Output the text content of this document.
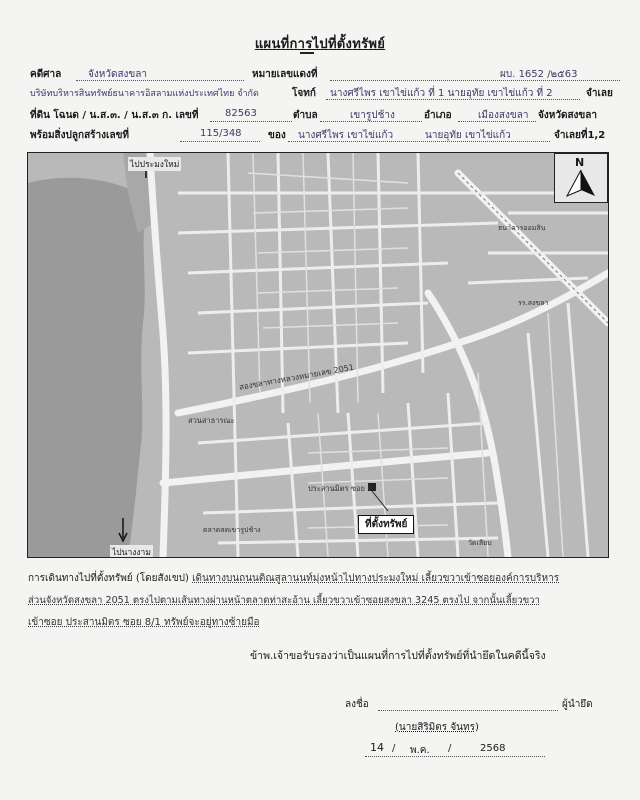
แผนที่การไปที่ตั้งทรัพย์
คดีศาล	จังหวัดสงขลา	หมายเลขแดงที่	ผบ. 1652 /๒๕63
บริษัทบริหารสินทรัพย์ธนาคารอิสลามแห่งประเทศไทย จำกัด	โจทก์ นางศรีไพร เขาไข่แก้ว ที่ 1 นายอุทัย เขาไข่แก้ว ที่ 2	จำเลย
ที่ดิน โฉนด / น.ส.๓. / น.ส.๓ ก. เลขที่	82563	ตำบล	เขารูปช้าง	อำเภอ	เมืองสงขลา จังหวัดสงขลา
พร้อมสิ่งปลูกสร้างเลขที่	115/348	ของ นางศรีไพร เขาไข่แก้ว	นายอุทัย เขาไข่แก้ว	จำเลยที่1,2
N
ไปประมงใหม่
ไปนางงาม
สองขลาทางหลวงหมายเลข 2051
สวนสาธารณะ
ประสานมิตร ซอย 8
ที่ตั้งทรัพย์
ธนาคารออมสิน
รร.สงขลา
วัดเลียบ
ตลาดสดเขารูปช้าง
การเดินทางไปที่ตั้งทรัพย์ (โดยสังเขป) เดินทางบนถนนติณสูลานนท์มุ่งหน้าไปทางประมงใหม่ เลี้ยวขวาเข้าซอยองค์การบริหาร
ส่วนจังหวัดสงขลา 2051 ตรงไปตามเส้นทางผ่านหน้าตลาดท่าสะอ้าน เลี้ยวขวาเข้าซอยสงขลา 3245 ตรงไป จากนั้นเลี้ยวขวา
เข้าซอย ประสานมิตร ซอย 8/1 ทรัพย์จะอยู่ทางซ้ายมือ
ข้าพ.เจ้าขอรับรองว่าเป็นแผนที่การไปที่ตั้งทรัพย์ที่นำยึดในคดีนี้จริง
ลงชื่อ	ผู้นำยึด
(นายสิริมิตร จันทร)
14 / พ.ค. /	2568
